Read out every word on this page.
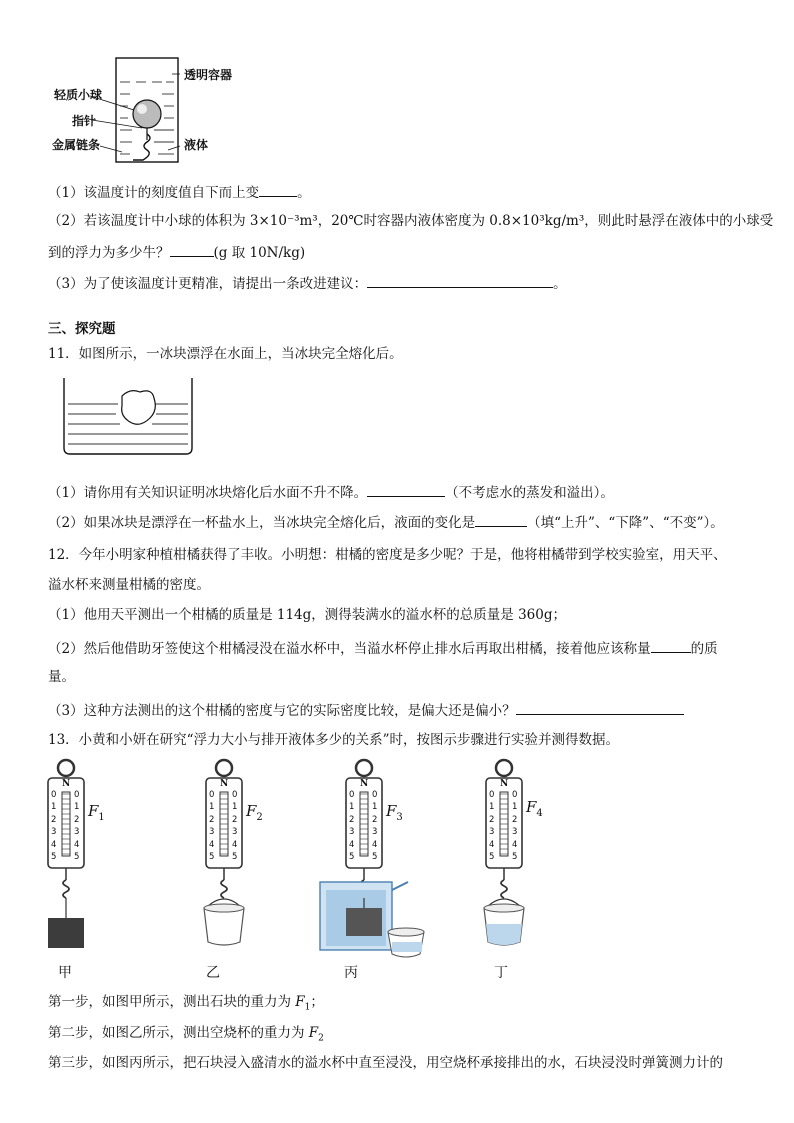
透明容器
轻质小球
指针
金属链条	液体
（1）该温度计的刻度值自下而上变	。
（2）若该温度计中小球的体积为 3×10⁻³m³，20℃时容器内液体密度为 0.8×10³kg/m³，则此时悬浮在液体中的小球受
到的浮力为多少牛？	(g 取 10N/kg)
（3）为了使该温度计更精准，请提出一条改进建议：	。
三、探究题
11．如图所示，一冰块漂浮在水面上，当冰块完全熔化后。
（1）请你用有关知识证明冰块熔化后水面不升不降。	（不考虑水的蒸发和溢出）。
（2）如果冰块是漂浮在一杯盐水上，当冰块完全熔化后，液面的变化是	（填“上升”、“下降”、“不变”）。
12．今年小明家种植柑橘获得了丰收。小明想：柑橘的密度是多少呢？于是，他将柑橘带到学校实验室，用天平、
溢水杯来测量柑橘的密度。
（1）他用天平测出一个柑橘的质量是 114g，测得装满水的溢水杯的总质量是 360g；
（2）然后他借助牙签使这个柑橘浸没在溢水杯中，当溢水杯停止排水后再取出柑橘，接着他应该称量	的质
量。
（3）这种方法测出的这个柑橘的密度与它的实际密度比较，是偏大还是偏小？
13．小黄和小妍在研究“浮力大小与排开液体多少的关系”时，按图示步骤进行实验并测得数据。
N	N	N	N
0 0
1 1
2 2
3 3
4 4
5 5
0 0
1 1
2 2
3 3
4 4
5 5
0 0
1 1
2 2
3 3
4 4
5 5
0 0
1 1
2 2
3 3
4 4
5 5
$F_1$	$F_2$	$F_3$
$F_4$
甲	乙	丙	丁
第一步，如图甲所示，测出石块的重力为 $F_1$；
第二步，如图乙所示，测出空烧杯的重力为 $F_2$
第三步，如图丙所示，把石块浸入盛清水的溢水杯中直至浸没，用空烧杯承接排出的水，石块浸没时弹簧测力计的
